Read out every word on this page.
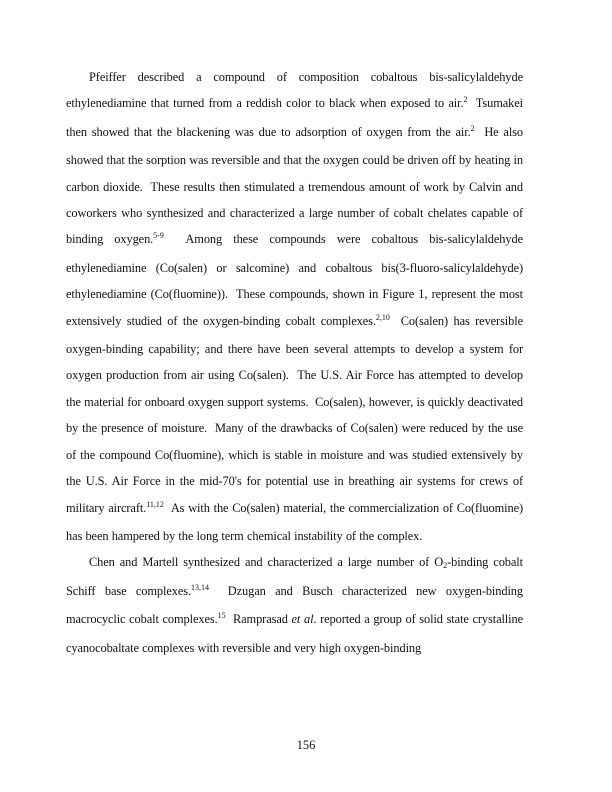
Pfeiffer described a compound of composition cobaltous bis-salicylaldehyde ethylenediamine that turned from a reddish color to black when exposed to air.$^2$  Tsumakei then showed that the blackening was due to adsorption of oxygen from the air.$^2$  He also showed that the sorption was reversible and that the oxygen could be driven off by heating in carbon dioxide.  These results then stimulated a tremendous amount of work by Calvin and coworkers who synthesized and characterized a large number of cobalt chelates capable of binding oxygen.$^{5-9}$  Among these compounds were cobaltous bis-salicylaldehyde ethylenediamine (Co(salen) or salcomine) and cobaltous bis(3-fluoro-salicylaldehyde) ethylenediamine (Co(fluomine)).  These compounds, shown in Figure 1, represent the most extensively studied of the oxygen-binding cobalt complexes.$^{2,10}$  Co(salen) has reversible oxygen-binding capability; and there have been several attempts to develop a system for oxygen production from air using Co(salen).  The U.S. Air Force has attempted to develop the material for onboard oxygen support systems.  Co(salen), however, is quickly deactivated by the presence of moisture.  Many of the drawbacks of Co(salen) were reduced by the use of the compound Co(fluomine), which is stable in moisture and was studied extensively by the U.S. Air Force in the mid-70's for potential use in breathing air systems for crews of military aircraft.$^{11,12}$  As with the Co(salen) material, the commercialization of Co(fluomine) has been hampered by the long term chemical instability of the complex.

Chen and Martell synthesized and characterized a large number of O2-binding cobalt Schiff base complexes.$^{13,14}$  Dzugan and Busch characterized new oxygen-binding macrocyclic cobalt complexes.$^{15}$  Ramprasad et al. reported a group of solid state crystalline cyanocobaltate complexes with reversible and very high oxygen-binding

156
